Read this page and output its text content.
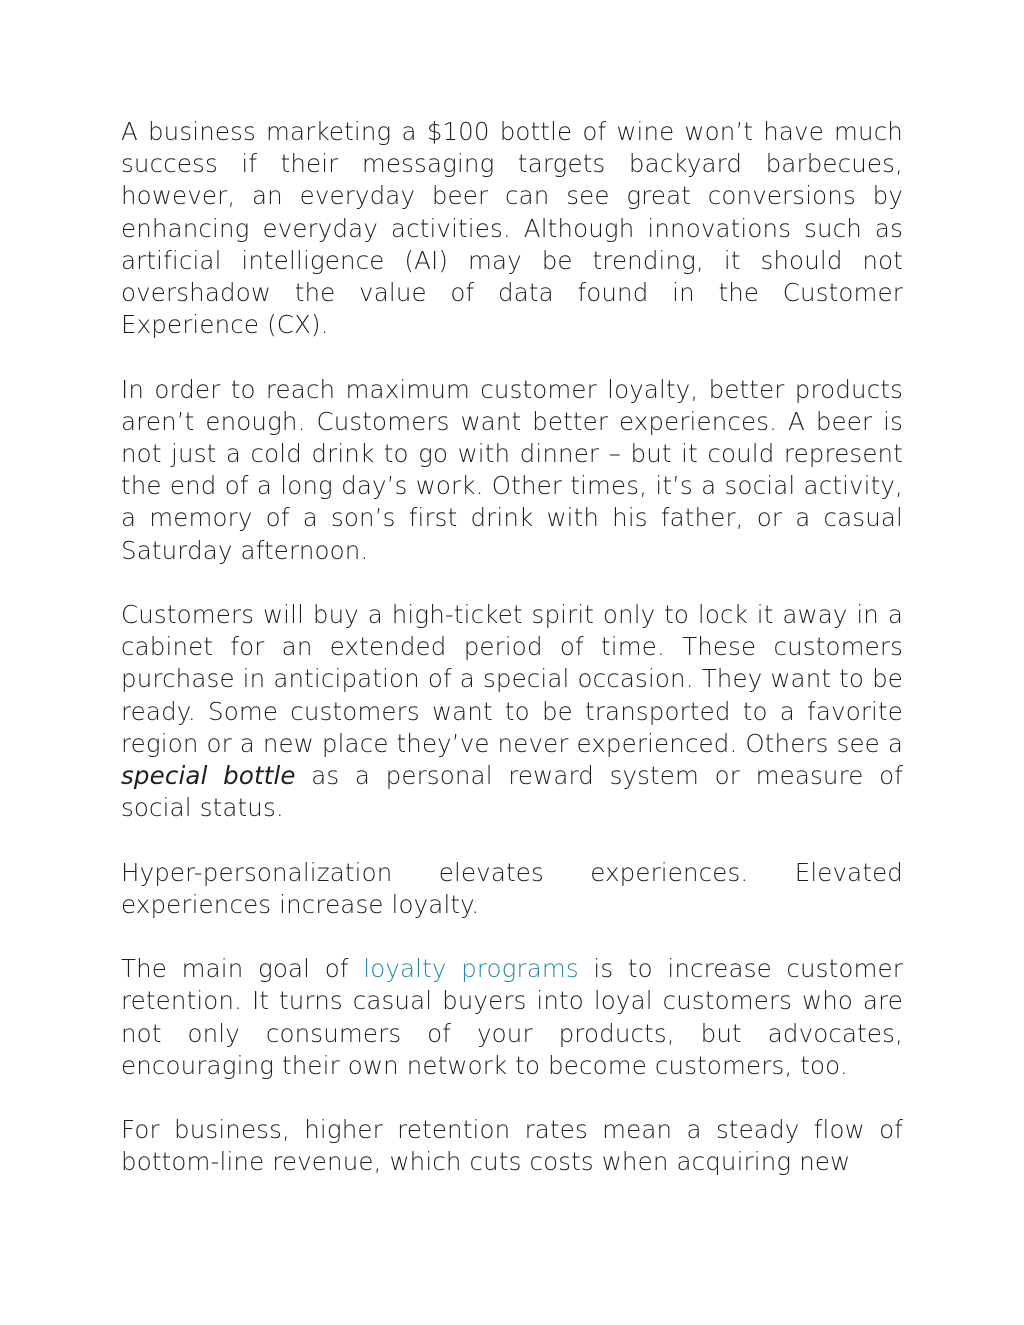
A business marketing a $100 bottle of wine won’t have much success if their messaging targets backyard barbecues, however, an everyday beer can see great conversions by enhancing everyday activities. Although innovations such as artificial intelligence (AI) may be trending, it should not overshadow the value of data found in the Customer Experience (CX).

In order to reach maximum customer loyalty, better products aren’t enough. Customers want better experiences. A beer is not just a cold drink to go with dinner – but it could represent the end of a long day’s work. Other times, it’s a social activity, a memory of a son’s first drink with his father, or a casual Saturday afternoon.

Customers will buy a high-ticket spirit only to lock it away in a cabinet for an extended period of time. These customers purchase in anticipation of a special occasion. They want to be ready. Some customers want to be transported to a favorite region or a new place they’ve never experienced. Others see a special bottle as a personal reward system or measure of social status.

Hyper-personalization elevates experiences. Elevated experiences increase loyalty.

The main goal of loyalty programs is to increase customer retention. It turns casual buyers into loyal customers who are not only consumers of your products, but advocates, encouraging their own network to become customers, too.

For business, higher retention rates mean a steady flow of bottom-line revenue, which cuts costs when acquiring new
